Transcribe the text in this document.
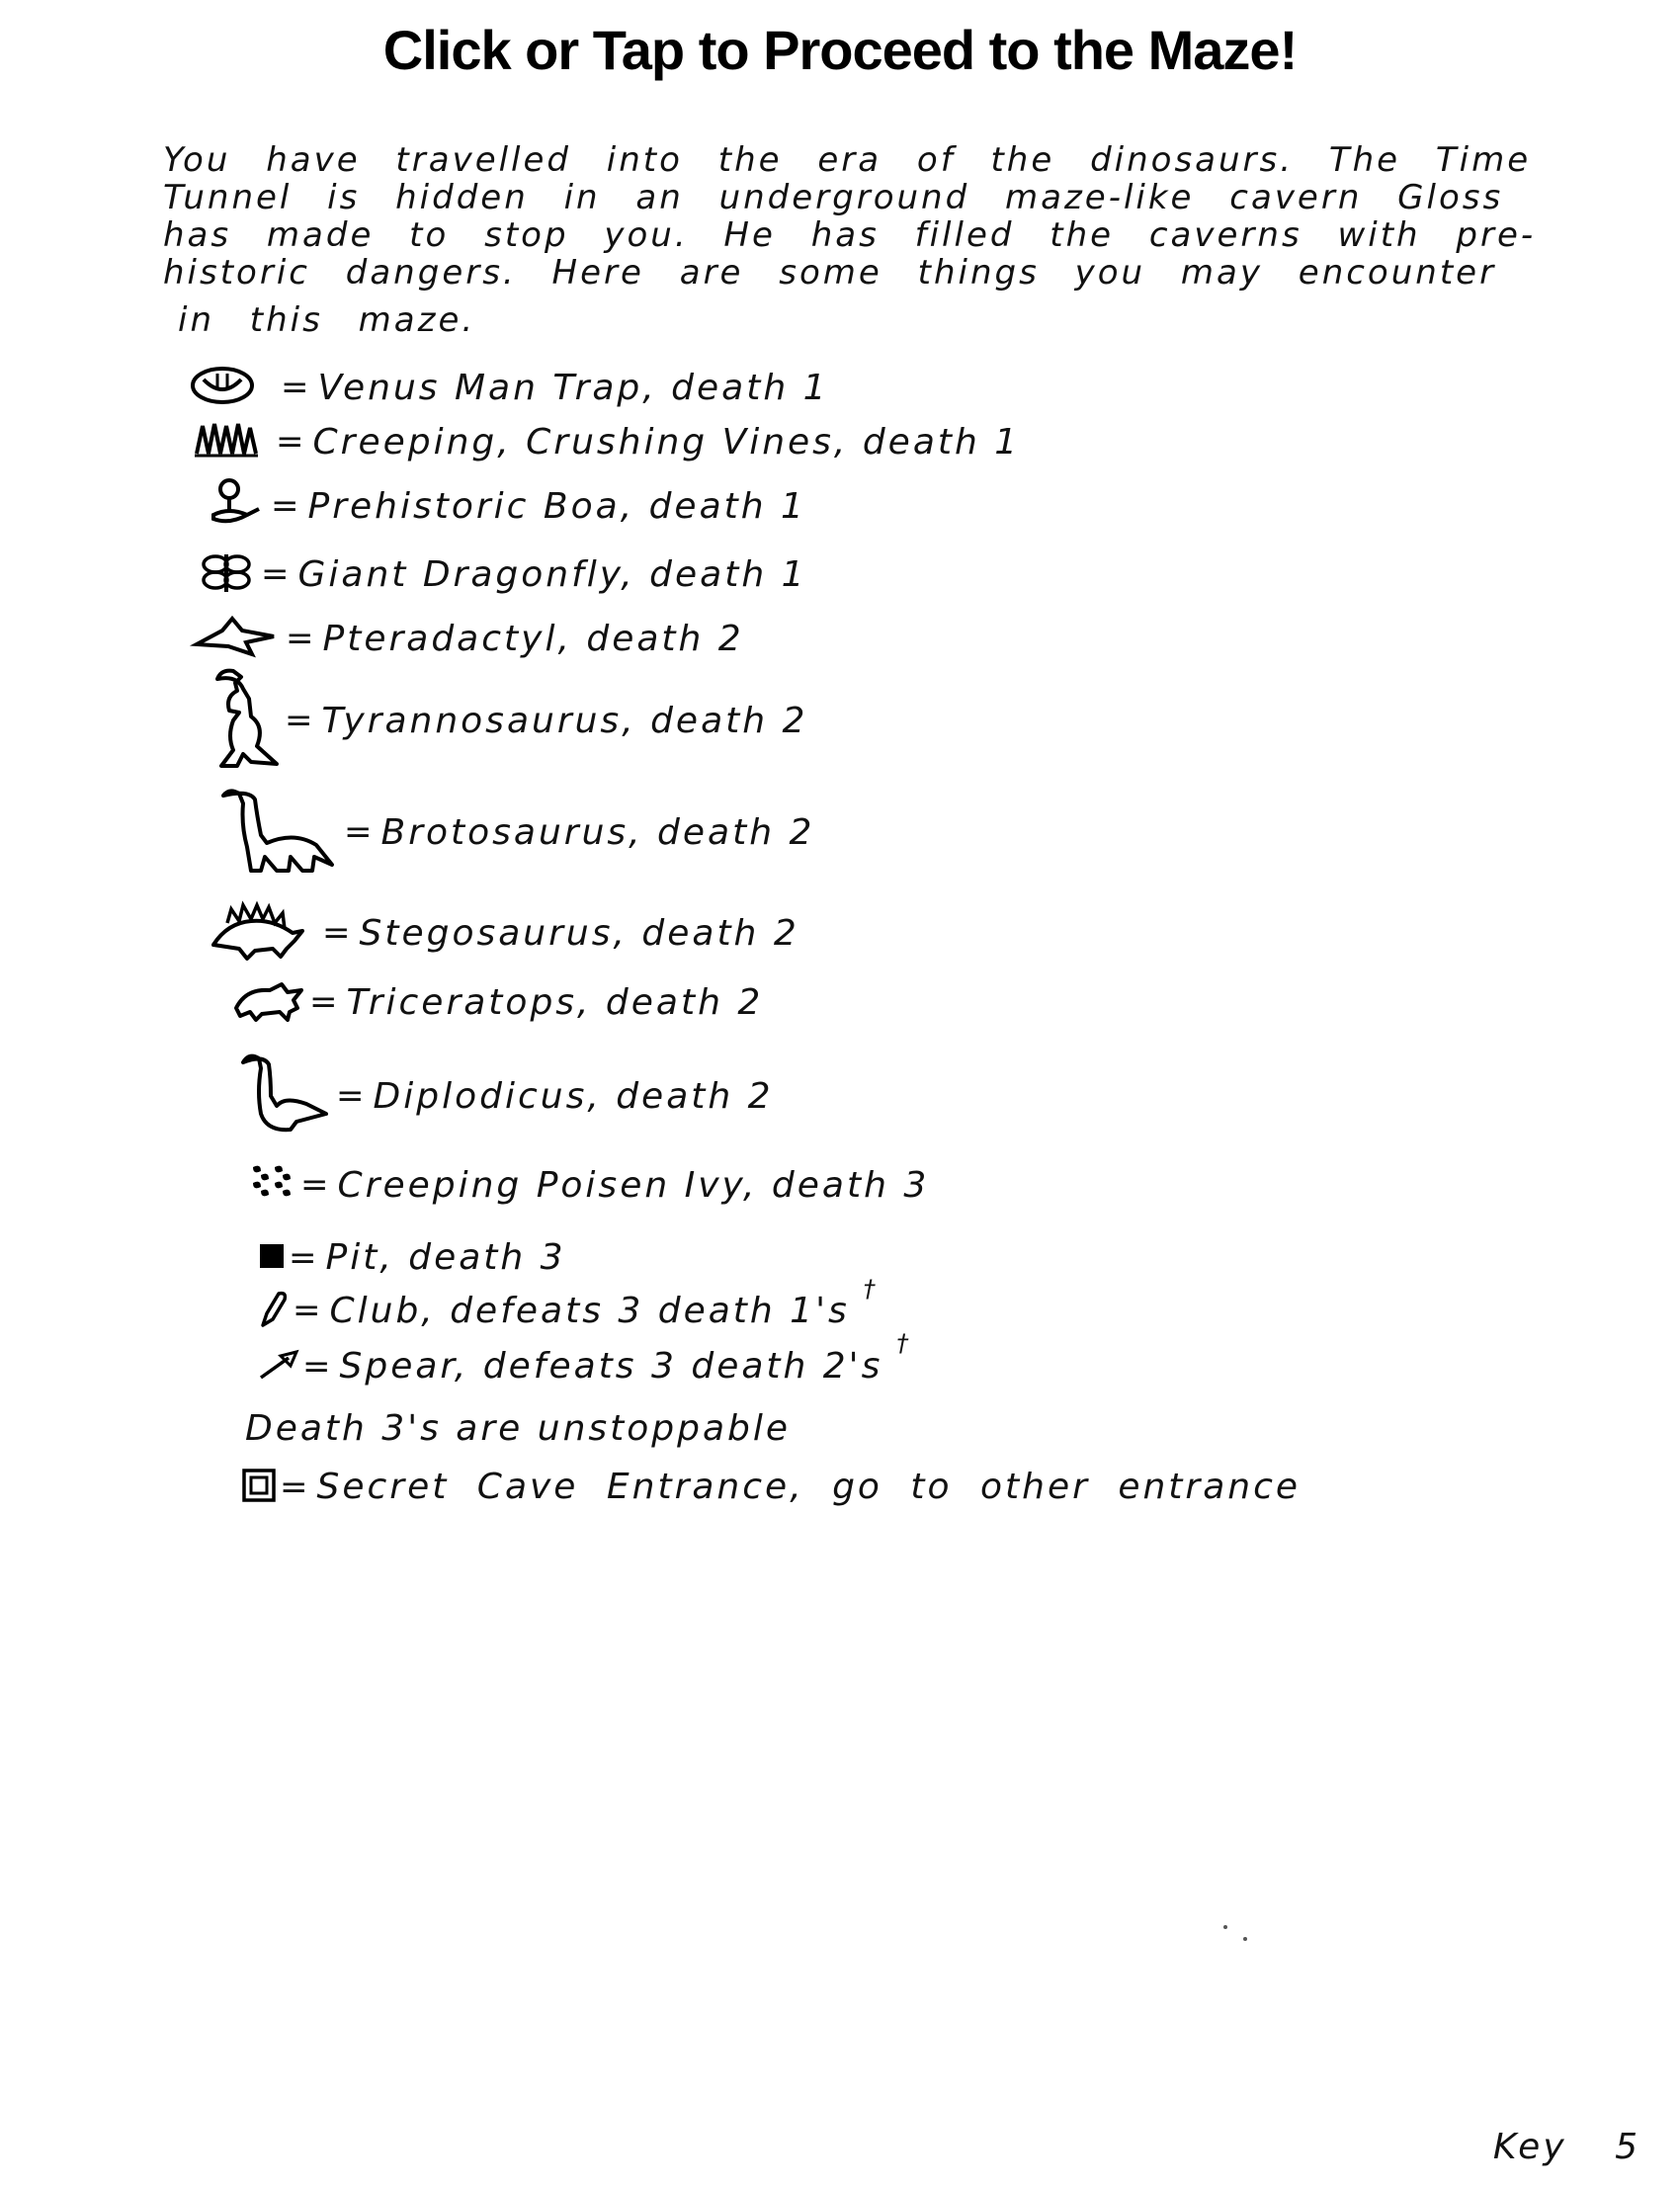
Click or Tap to Proceed to the Maze!
You have travelled into the era of the dinosaurs. The Time
Tunnel is hidden in an underground maze-like cavern Gloss
has made to stop you. He has filled the caverns with pre-
historic dangers. Here are some things you may encounter
in this maze.
= Venus Man Trap, death 1
= Creeping, Crushing Vines, death 1
= Prehistoric Boa, death 1
= Giant Dragonfly, death 1
= Pteradactyl, death 2
= Tyrannosaurus, death 2
= Brotosaurus, death 2
= Stegosaurus, death 2
= Triceratops, death 2
= Diplodicus, death 2
= Creeping Poisen Ivy, death 3
= Pit, death 3
= Club, defeats 3 death 1's
†
= Spear, defeats 3 death 2's
†
Death 3's are unstoppable
= Secret Cave Entrance, go to other entrance
Key 5
